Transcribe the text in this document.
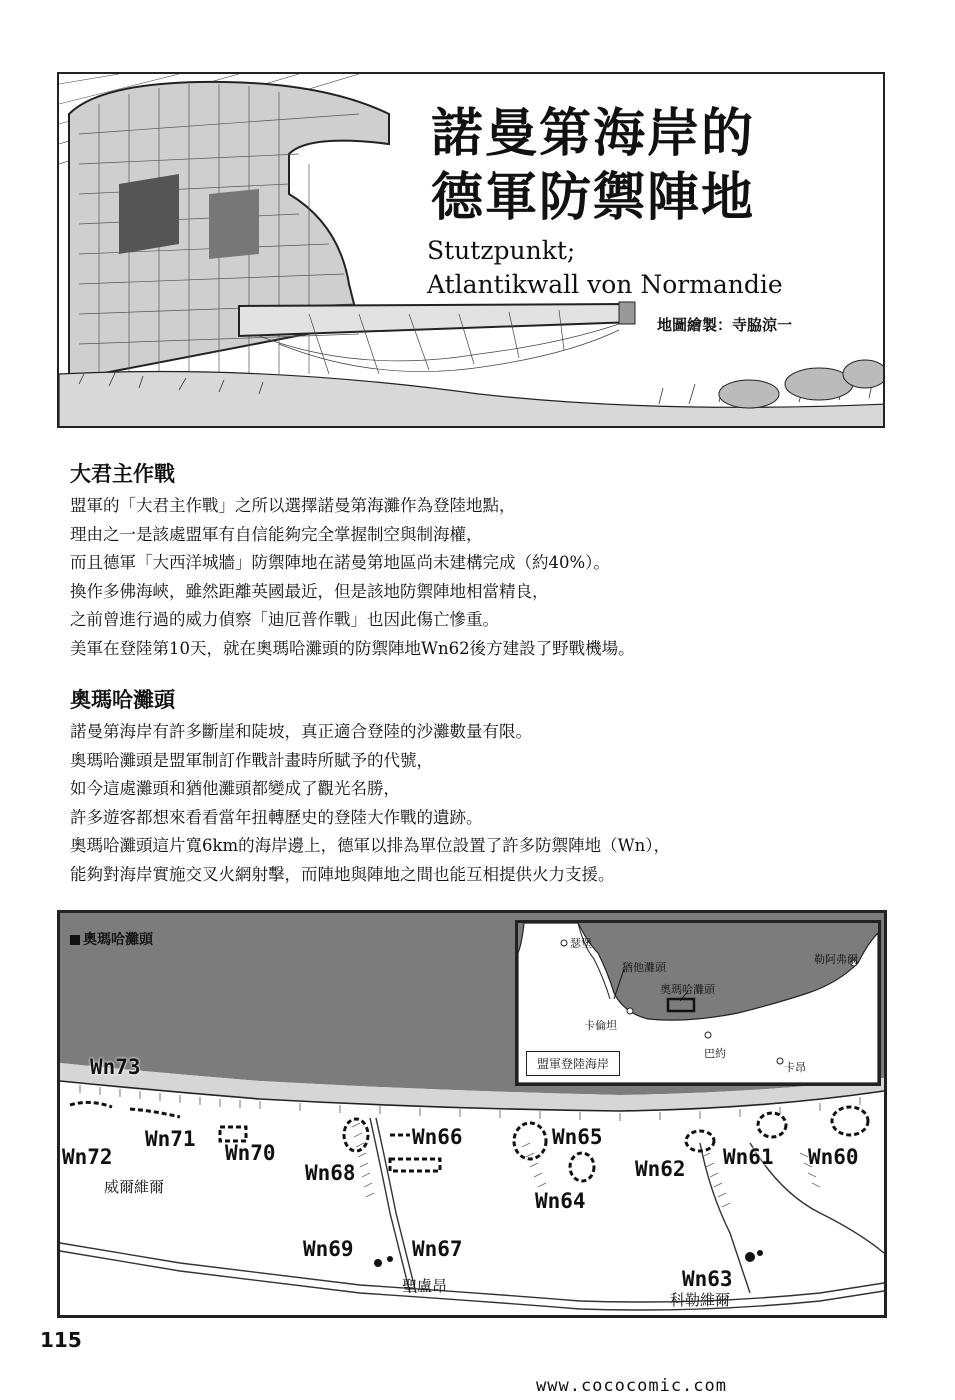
諾曼第海岸的
德軍防禦陣地
Stutzpunkt;
Atlantikwall von Normandie
地圖繪製：寺脇涼一
大君主作戰
盟軍的「大君主作戰」之所以選擇諾曼第海灘作為登陸地點，
理由之一是該處盟軍有自信能夠完全掌握制空與制海權，
而且德軍「大西洋城牆」防禦陣地在諾曼第地區尚未建構完成（約40%）。
換作多佛海峽，雖然距離英國最近，但是該地防禦陣地相當精良，
之前曾進行過的威力偵察「迪厄普作戰」也因此傷亡慘重。
美軍在登陸第10天，就在奧瑪哈灘頭的防禦陣地Wn62後方建設了野戰機場。
奧瑪哈灘頭
諾曼第海岸有許多斷崖和陡坡，真正適合登陸的沙灘數量有限。
奧瑪哈灘頭是盟軍制訂作戰計畫時所賦予的代號，
如今這處灘頭和猶他灘頭都變成了觀光名勝，
許多遊客都想來看看當年扭轉歷史的登陸大作戰的遺跡。
奧瑪哈灘頭這片寬6km的海岸邊上，德軍以排為單位設置了許多防禦陣地（Wn），
能夠對海岸實施交叉火網射擊，而陣地與陣地之間也能互相提供火力支援。
奧瑪哈灘頭
Wn73
Wn72
Wn71
Wn70
Wn68
Wn66	Wn65
Wn64
Wn62 Wn61 Wn60
Wn69	Wn67
Wn63
威爾維爾
聖盧昂
科勒維爾
瑟堡
猶他灘頭
奧瑪哈灘頭
卡倫坦
勒阿弗爾
巴約
卡昂
盟軍登陸海岸
115
www.cococomic.com
